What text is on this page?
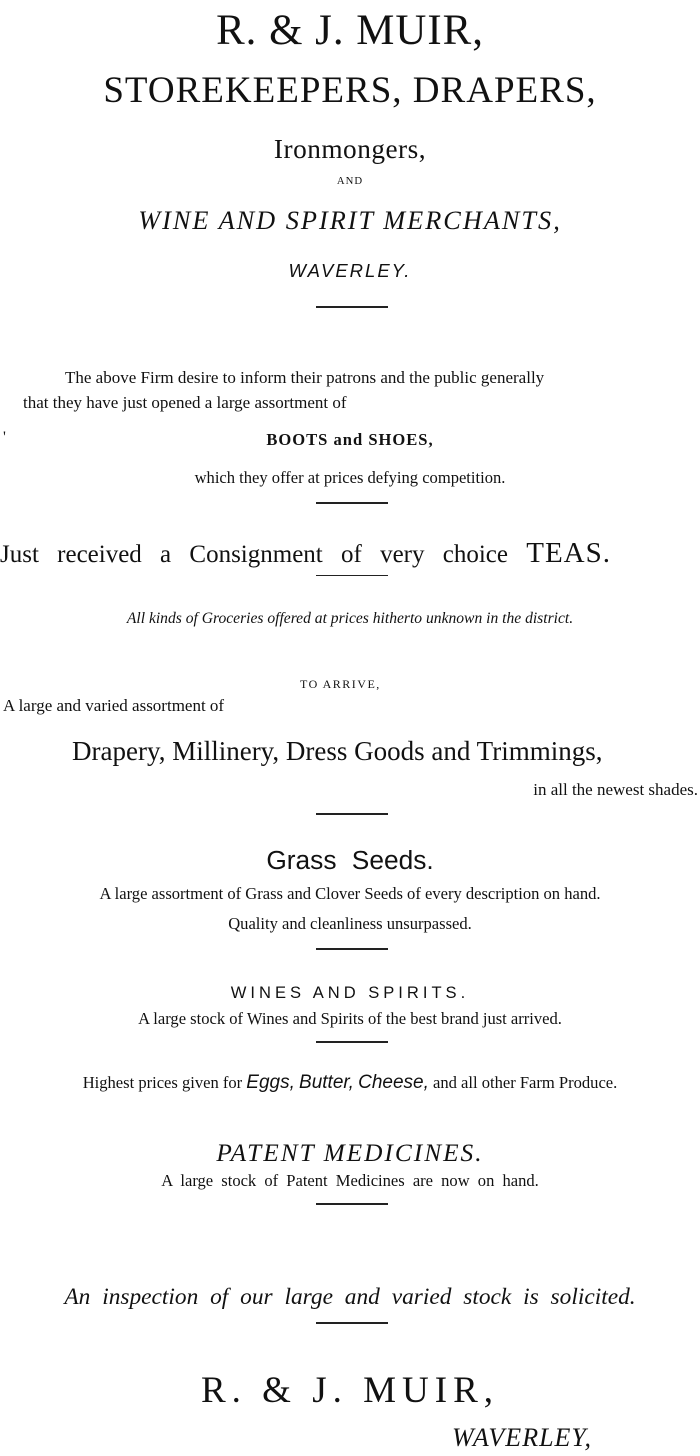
R. & J. MUIR,
STOREKEEPERS, DRAPERS,
Ironmongers,
AND
WINE AND SPIRIT MERCHANTS,
WAVERLEY.
The above Firm desire to inform their patrons and the public generally
that they have just opened a large assortment of
'	BOOTS and SHOES,
which they offer at prices defying competition.
Just received a Consignment of very choice TEAS.
All kinds of Groceries offered at prices hitherto unknown in the district.
TO ARRIVE,
A large and varied assortment of
Drapery, Millinery, Dress Goods and Trimmings,
in all the newest shades.
Grass Seeds.
A large assortment of Grass and Clover Seeds of every description on hand.
Quality and cleanliness unsurpassed.
WINES AND SPIRITS.
A large stock of Wines and Spirits of the best brand just arrived.
Highest prices given for Eggs, Butter, Cheese, and all other Farm Produce.
PATENT MEDICINES.
A large stock of Patent Medicines are now on hand.
An inspection of our large and varied stock is solicited.
R. & J. MUIR,
WAVERLEY,
